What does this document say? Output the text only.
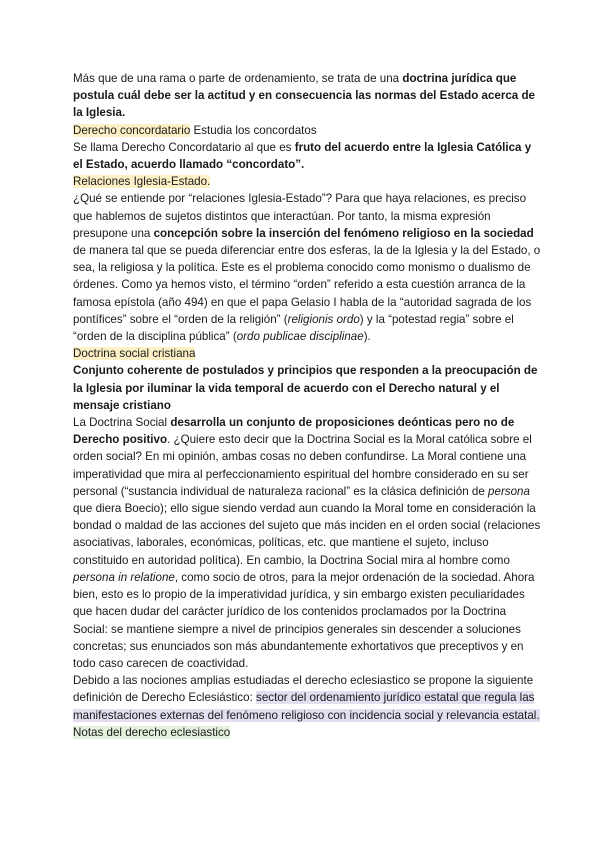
Más que de una rama o parte de ordenamiento, se trata de una doctrina jurídica que postula cuál debe ser la actitud y en consecuencia las normas del Estado acerca de la Iglesia.

Derecho concordatario Estudia los concordatos

Se llama Derecho Concordatario al que es fruto del acuerdo entre la Iglesia Católica y el Estado, acuerdo llamado “concordato”.

Relaciones Iglesia-Estado.

¿Qué se entiende por “relaciones Iglesia-Estado”? Para que haya relaciones, es preciso que hablemos de sujetos distintos que interactúan. Por tanto, la misma expresión presupone una concepción sobre la inserción del fenómeno religioso en la sociedad de manera tal que se pueda diferenciar entre dos esferas, la de la Iglesia y la del Estado, o sea, la religiosa y la política. Este es el problema conocido como monismo o dualismo de órdenes. Como ya hemos visto, el término “orden” referido a esta cuestión arranca de la famosa epístola (año 494) en que el papa Gelasio I habla de la “autoridad sagrada de los pontífices” sobre el “orden de la religión” (religionis ordo) y la “potestad regia” sobre el “orden de la disciplina pública” (ordo publicae disciplinae).

Doctrina social cristiana

Conjunto coherente de postulados y principios que responden a la preocupación de la Iglesia por iluminar la vida temporal de acuerdo con el Derecho natural y el mensaje cristiano

La Doctrina Social desarrolla un conjunto de proposiciones deónticas pero no de Derecho positivo. ¿Quiere esto decir que la Doctrina Social es la Moral católica sobre el orden social? En mi opinión, ambas cosas no deben confundirse. La Moral contiene una imperatividad que mira al perfeccionamiento espiritual del hombre considerado en su ser personal (“sustancia individual de naturaleza racional” es la clásica definición de persona que diera Boecio); ello sigue siendo verdad aun cuando la Moral tome en consideración la bondad o maldad de las acciones del sujeto que más inciden en el orden social (relaciones asociativas, laborales, económicas, políticas, etc. que mantiene el sujeto, incluso constituido en autoridad política). En cambio, la Doctrina Social mira al hombre como persona in relatione, como socio de otros, para la mejor ordenación de la sociedad. Ahora bien, esto es lo propio de la imperatividad jurídica, y sin embargo existen peculiaridades que hacen dudar del carácter jurídico de los contenidos proclamados por la Doctrina Social: se mantiene siempre a nivel de principios generales sin descender a soluciones concretas; sus enunciados son más abundantemente exhortativos que preceptivos y en todo caso carecen de coactividad.

Debido a las nociones amplias estudiadas el derecho eclesiastico se propone la siguiente definición de Derecho Eclesiástico: sector del ordenamiento jurídico estatal que regula las manifestaciones externas del fenómeno religioso con incidencia social y relevancia estatal.

Notas del derecho eclesiastico
